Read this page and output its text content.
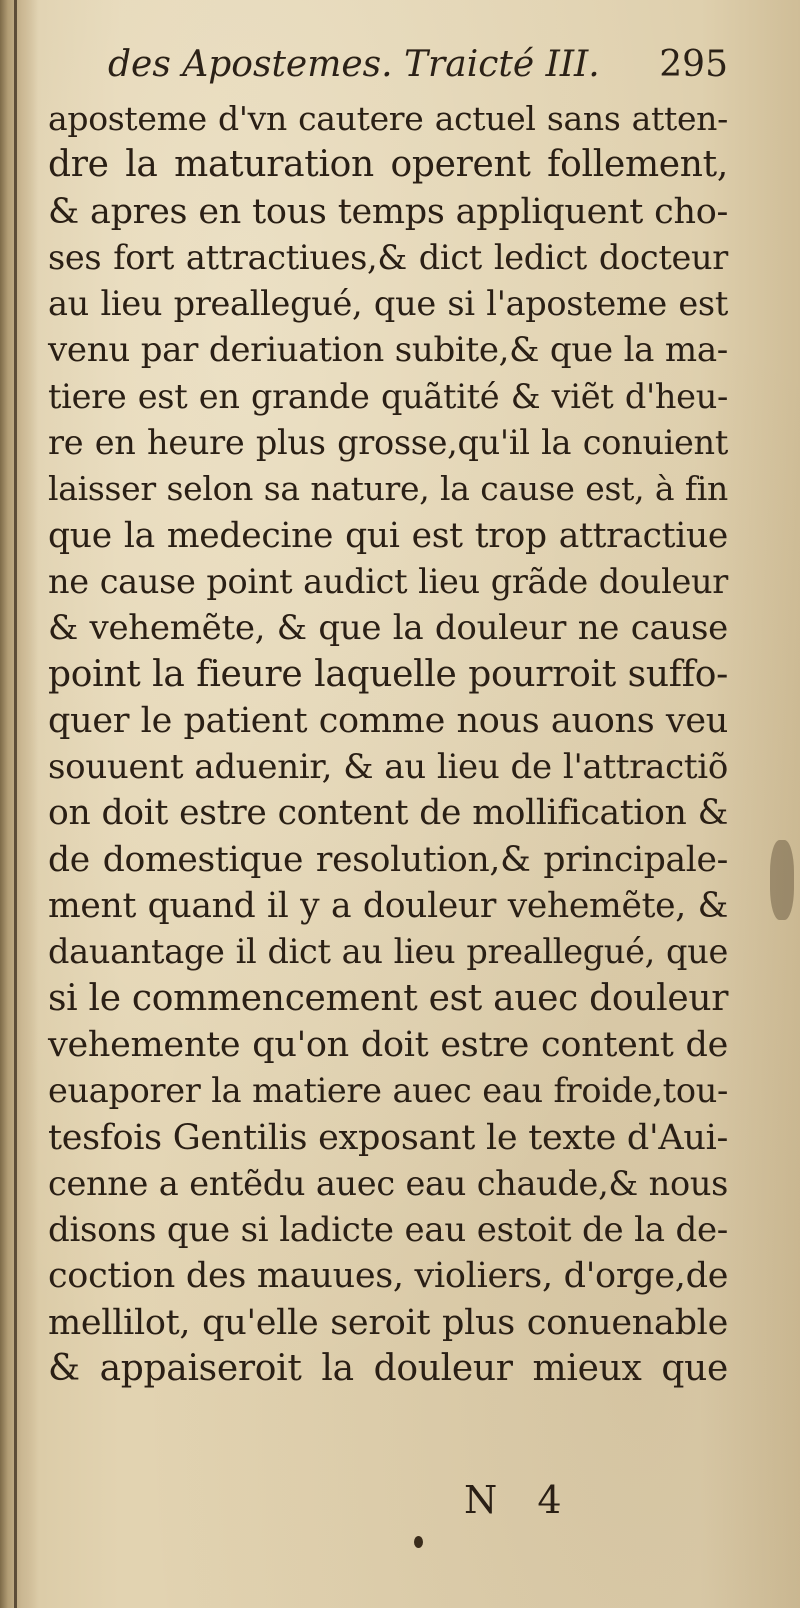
des Apostemes. Traicté III. 295
aposteme d'vn cautere actuel sans atten-
dre la maturation operent follement,
& apres en tous temps appliquent cho-
ses fort attractiues,& dict ledict docteur
au lieu preallegué, que si l'aposteme est
venu par deriuation subite,& que la ma-
tiere est en grande quãtité & viẽt d'heu-
re en heure plus grosse,qu'il la conuient
laisser selon sa nature, la cause est, à fin
que la medecine qui est trop attractiue
ne cause point audict lieu grãde douleur
& vehemẽte, & que la douleur ne cause
point la fieure laquelle pourroit suffo-
quer le patient comme nous auons veu
souuent aduenir, & au lieu de l'attractiõ
on doit estre content de mollification &
de domestique resolution,& principale-
ment quand il y a douleur vehemẽte, &
dauantage il dict au lieu preallegué, que
si le commencement est auec douleur
vehemente qu'on doit estre content de
euaporer la matiere auec eau froide,tou-
tesfois Gentilis exposant le texte d'Aui-
cenne a entẽdu auec eau chaude,& nous
disons que si ladicte eau estoit de la de-
coction des mauues, violiers, d'orge,de
mellilot, qu'elle seroit plus conuenable
& appaiseroit la douleur mieux que
N 4
